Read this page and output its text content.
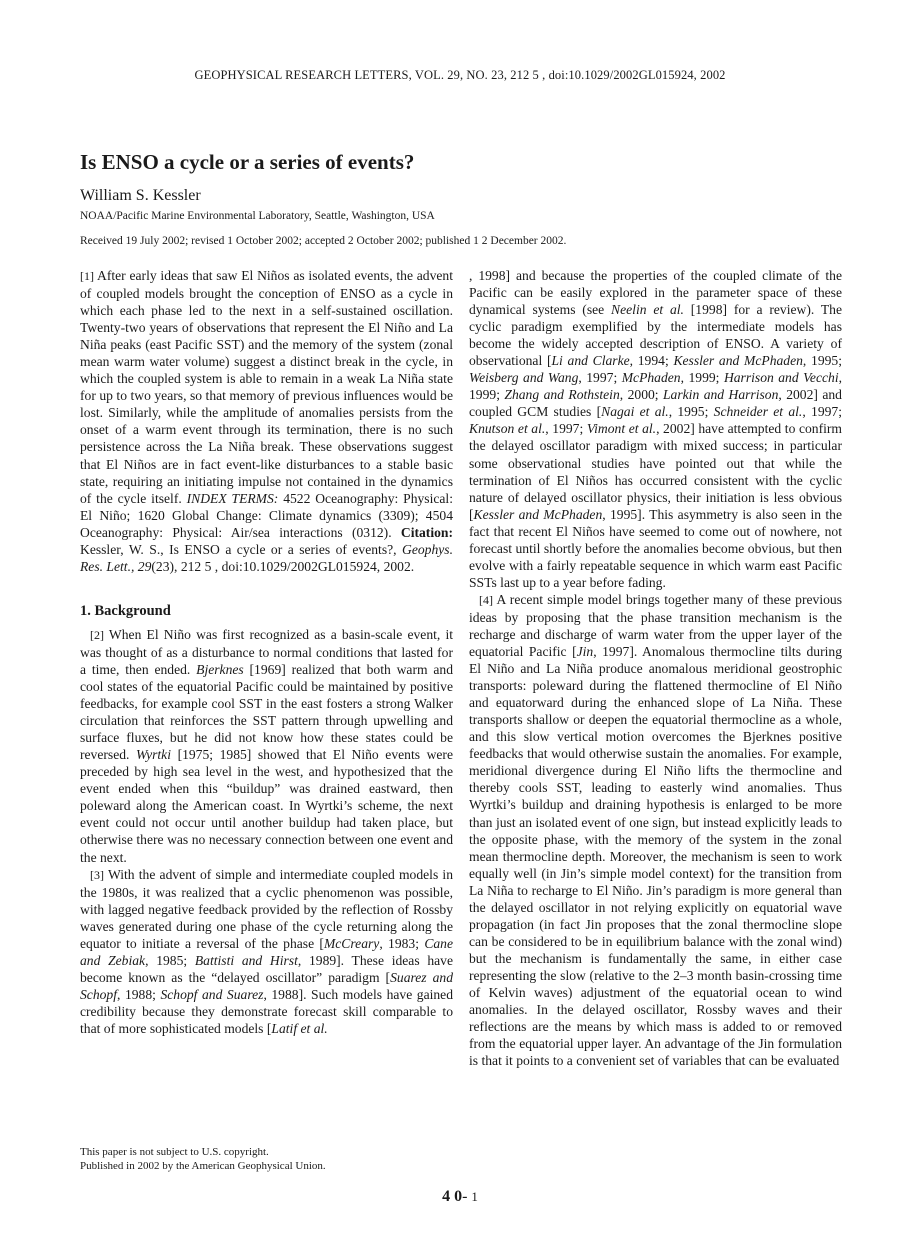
GEOPHYSICAL RESEARCH LETTERS, VOL. 29, NO. 23, 212 5 , doi:10.1029/2002GL015924, 2002
Is ENSO a cycle or a series of events?
William S. Kessler
NOAA/Pacific Marine Environmental Laboratory, Seattle, Washington, USA
Received 19 July 2002; revised 1 October 2002; accepted 2 October 2002; published 1 2 December 2002.

[1] After early ideas that saw El Niños as isolated events, the advent of coupled models brought the conception of ENSO as a cycle in which each phase led to the next in a self-sustained oscillation. Twenty-two years of observations that represent the El Niño and La Niña peaks (east Pacific SST) and the memory of the system (zonal mean warm water volume) suggest a distinct break in the cycle, in which the coupled system is able to remain in a weak La Niña state for up to two years, so that memory of previous influences would be lost. Similarly, while the amplitude of anomalies persists from the onset of a warm event through its termination, there is no such persistence across the La Niña break. These observations suggest that El Niños are in fact event-like disturbances to a stable basic state, requiring an initiating impulse not contained in the dynamics of the cycle itself. INDEX TERMS: 4522 Oceanography: Physical: El Niño; 1620 Global Change: Climate dynamics (3309); 4504 Oceanography: Physical: Air/sea interactions (0312). Citation: Kessler, W. S., Is ENSO a cycle or a series of events?, Geophys. Res. Lett., 29(23), 212 5 , doi:10.1029/2002GL015924, 2002.

1. Background

[2] When El Niño was first recognized as a basin-scale event, it was thought of as a disturbance to normal conditions that lasted for a time, then ended. Bjerknes [1969] realized that both warm and cool states of the equatorial Pacific could be maintained by positive feedbacks, for example cool SST in the east fosters a strong Walker circulation that reinforces the SST pattern through upwelling and surface fluxes, but he did not know how these states could be reversed. Wyrtki [1975; 1985] showed that El Niño events were preceded by high sea level in the west, and hypothesized that the event ended when this “buildup” was drained eastward, then poleward along the American coast. In Wyrtki’s scheme, the next event could not occur until another buildup had taken place, but otherwise there was no necessary connection between one event and the next.

[3] With the advent of simple and intermediate coupled models in the 1980s, it was realized that a cyclic phenomenon was possible, with lagged negative feedback provided by the reflection of Rossby waves generated during one phase of the cycle returning along the equator to initiate a reversal of the phase [McCreary, 1983; Cane and Zebiak, 1985; Battisti and Hirst, 1989]. These ideas have become known as the “delayed oscillator” paradigm [Suarez and Schopf, 1988; Schopf and Suarez, 1988]. Such models have gained credibility because they demonstrate forecast skill comparable to that of more sophisticated models [Latif et al.

, 1998] and because the properties of the coupled climate of the Pacific can be easily explored in the parameter space of these dynamical systems (see Neelin et al. [1998] for a review). The cyclic paradigm exemplified by the intermediate models has become the widely accepted description of ENSO. A variety of observational [Li and Clarke, 1994; Kessler and McPhaden, 1995; Weisberg and Wang, 1997; McPhaden, 1999; Harrison and Vecchi, 1999; Zhang and Rothstein, 2000; Larkin and Harrison, 2002] and coupled GCM studies [Nagai et al., 1995; Schneider et al., 1997; Knutson et al., 1997; Vimont et al., 2002] have attempted to confirm the delayed oscillator paradigm with mixed success; in particular some observational studies have pointed out that while the termination of El Niños has occurred consistent with the cyclic nature of delayed oscillator physics, their initiation is less obvious [Kessler and McPhaden, 1995]. This asymmetry is also seen in the fact that recent El Niños have seemed to come out of nowhere, not forecast until shortly before the anomalies become obvious, but then evolve with a fairly repeatable sequence in which warm east Pacific SSTs last up to a year before fading.

[4] A recent simple model brings together many of these previous ideas by proposing that the phase transition mechanism is the recharge and discharge of warm water from the upper layer of the equatorial Pacific [Jin, 1997]. Anomalous thermocline tilts during El Niño and La Niña produce anomalous meridional geostrophic transports: poleward during the flattened thermocline of El Niño and equatorward during the enhanced slope of La Niña. These transports shallow or deepen the equatorial thermocline as a whole, and this slow vertical motion overcomes the Bjerknes positive feedbacks that would otherwise sustain the anomalies. For example, meridional divergence during El Niño lifts the thermocline and thereby cools SST, leading to easterly wind anomalies. Thus Wyrtki’s buildup and draining hypothesis is enlarged to be more than just an isolated event of one sign, but instead explicitly leads to the opposite phase, with the memory of the system in the zonal mean thermocline depth. Moreover, the mechanism is seen to work equally well (in Jin’s simple model context) for the transition from La Niña to recharge to El Niño. Jin’s paradigm is more general than the delayed oscillator in not relying explicitly on equatorial wave propagation (in fact Jin proposes that the zonal thermocline slope can be considered to be in equilibrium balance with the zonal wind) but the mechanism is fundamentally the same, in either case representing the slow (relative to the 2–3 month basin-crossing time of Kelvin waves) adjustment of the equatorial ocean to wind anomalies. In the delayed oscillator, Rossby waves and their reflections are the means by which mass is added to or removed from the equatorial upper layer. An advantage of the Jin formulation is that it points to a convenient set of variables that can be evaluated

This paper is not subject to U.S. copyright.
Published in 2002 by the American Geophysical Union.
4 0- 1
